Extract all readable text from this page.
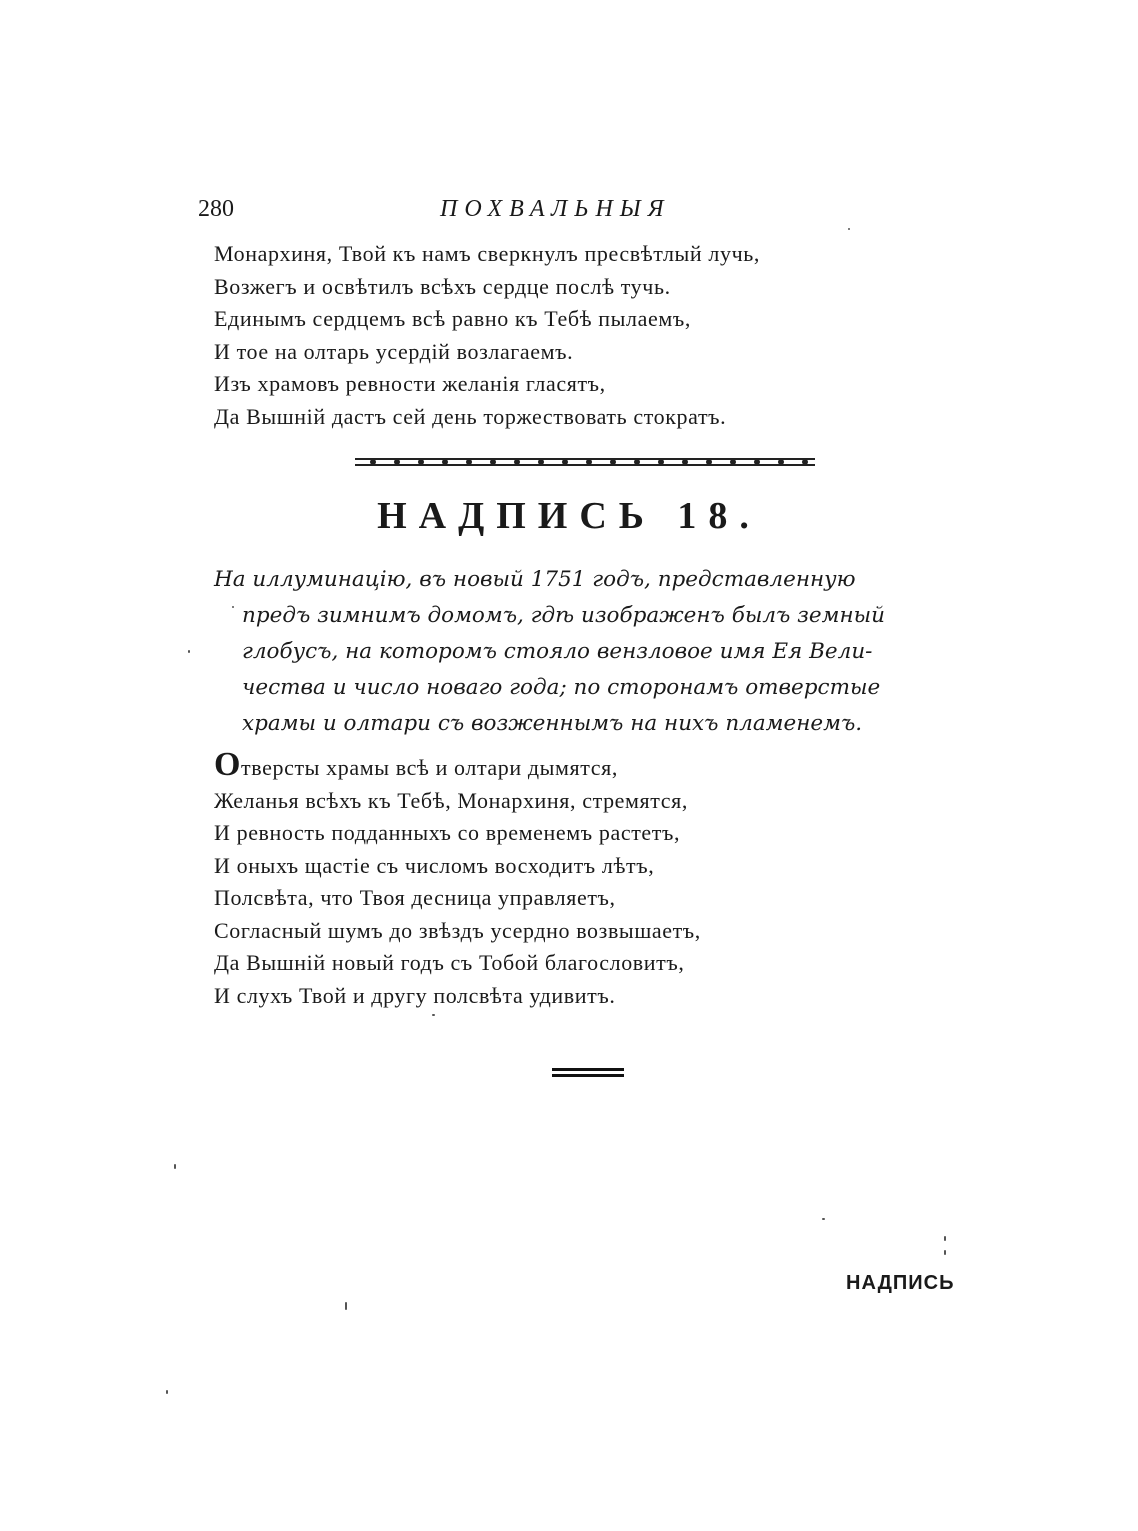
280	ПОХВАЛЬНЫЯ
Монархиня, Твой къ намъ сверкнулъ пресвѣтлый лучь,
Возжегъ и освѣтилъ всѣхъ сердце послѣ тучь.
Единымъ сердцемъ всѣ равно къ Тебѣ пылаемъ,
И тое на олтарь усердій возлагаемъ.
Изъ храмовъ ревности желанія гласятъ,
Да Вышній дастъ сей день торжествовать стократъ.
НАДПИСЬ 18.
На иллуминацію, въ новый 1751 годъ, представленную
предъ зимнимъ домомъ, гдѣ изображенъ былъ земный
глобусъ, на которомъ стояло вензловое имя Ея Вели-
чества и число новаго года; по сторонамъ отверстые
храмы и олтари съ возженнымъ на нихъ пламенемъ.
Отверсты храмы всѣ и олтари дымятся,
Желанья всѣхъ къ Тебѣ, Монархиня, стремятся,
И ревность подданныхъ со временемъ растетъ,
И оныхъ щастіе съ числомъ восходитъ лѣтъ,
Полсвѣта, что Твоя десница управляетъ,
Согласный шумъ до звѣздъ усердно возвышаетъ,
Да Вышній новый годъ съ Тобой благословитъ,
И слухъ Твой и другу полсвѣта удивитъ.
НАДПИСЬ
